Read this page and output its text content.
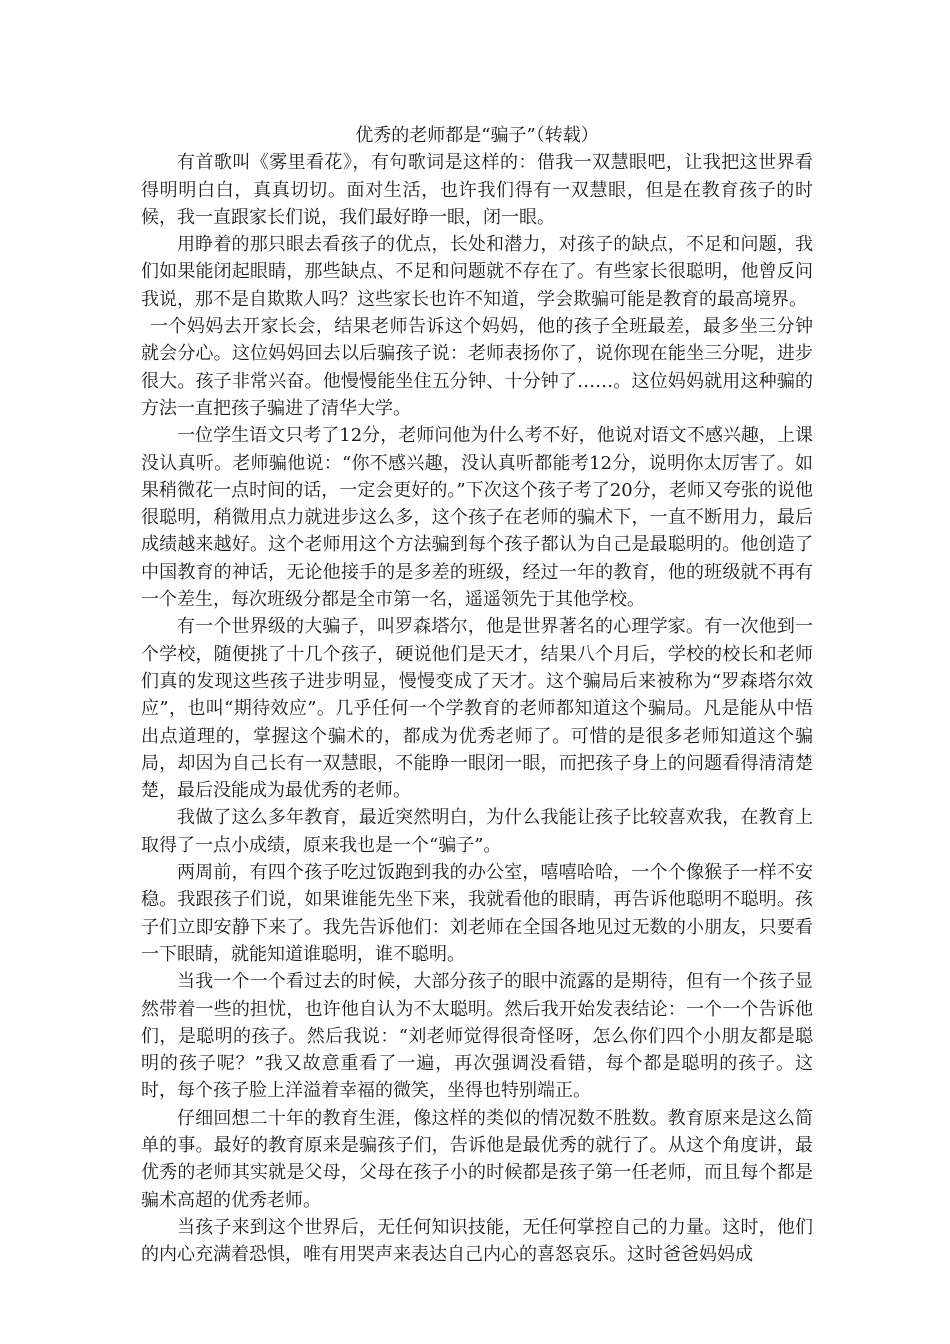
优秀的老师都是“骗子”（转载）

有首歌叫《雾里看花》，有句歌词是这样的：借我一双慧眼吧，让我把这世界看得明明白白，真真切切。面对生活，也许我们得有一双慧眼，但是在教育孩子的时候，我一直跟家长们说，我们最好睁一眼，闭一眼。

用睁着的那只眼去看孩子的优点，长处和潜力，对孩子的缺点，不足和问题，我们如果能闭起眼睛，那些缺点、不足和问题就不存在了。有些家长很聪明，他曾反问我说，那不是自欺欺人吗？这些家长也许不知道，学会欺骗可能是教育的最高境界。

一个妈妈去开家长会，结果老师告诉这个妈妈，他的孩子全班最差，最多坐三分钟就会分心。这位妈妈回去以后骗孩子说：老师表扬你了，说你现在能坐三分呢，进步很大。孩子非常兴奋。他慢慢能坐住五分钟、十分钟了……。这位妈妈就用这种骗的方法一直把孩子骗进了清华大学。

一位学生语文只考了12分，老师问他为什么考不好，他说对语文不感兴趣，上课没认真听。老师骗他说：“你不感兴趣，没认真听都能考12分，说明你太厉害了。如果稍微花一点时间的话，一定会更好的。”下次这个孩子考了20分，老师又夸张的说他很聪明，稍微用点力就进步这么多，这个孩子在老师的骗术下，一直不断用力，最后成绩越来越好。这个老师用这个方法骗到每个孩子都认为自己是最聪明的。他创造了中国教育的神话，无论他接手的是多差的班级，经过一年的教育，他的班级就不再有一个差生，每次班级分都是全市第一名，遥遥领先于其他学校。

有一个世界级的大骗子，叫罗森塔尔，他是世界著名的心理学家。有一次他到一个学校，随便挑了十几个孩子，硬说他们是天才，结果八个月后，学校的校长和老师们真的发现这些孩子进步明显，慢慢变成了天才。这个骗局后来被称为“罗森塔尔效应”，也叫“期待效应”。几乎任何一个学教育的老师都知道这个骗局。凡是能从中悟出点道理的，掌握这个骗术的，都成为优秀老师了。可惜的是很多老师知道这个骗局，却因为自己长有一双慧眼，不能睁一眼闭一眼，而把孩子身上的问题看得清清楚楚，最后没能成为最优秀的老师。

我做了这么多年教育，最近突然明白，为什么我能让孩子比较喜欢我，在教育上取得了一点小成绩，原来我也是一个“骗子”。

两周前，有四个孩子吃过饭跑到我的办公室，嘻嘻哈哈，一个个像猴子一样不安稳。我跟孩子们说，如果谁能先坐下来，我就看他的眼睛，再告诉他聪明不聪明。孩子们立即安静下来了。我先告诉他们：刘老师在全国各地见过无数的小朋友，只要看一下眼睛，就能知道谁聪明，谁不聪明。

当我一个一个看过去的时候，大部分孩子的眼中流露的是期待，但有一个孩子显然带着一些的担忧，也许他自认为不太聪明。然后我开始发表结论：一个一个告诉他们，是聪明的孩子。然后我说：“刘老师觉得很奇怪呀，怎么你们四个小朋友都是聪明的孩子呢？”我又故意重看了一遍，再次强调没看错，每个都是聪明的孩子。这时，每个孩子脸上洋溢着幸福的微笑，坐得也特别端正。

仔细回想二十年的教育生涯，像这样的类似的情况数不胜数。教育原来是这么简单的事。最好的教育原来是骗孩子们，告诉他是最优秀的就行了。从这个角度讲，最优秀的老师其实就是父母，父母在孩子小的时候都是孩子第一任老师，而且每个都是骗术高超的优秀老师。

当孩子来到这个世界后，无任何知识技能，无任何掌控自己的力量。这时，他们的内心充满着恐惧，唯有用哭声来表达自己内心的喜怒哀乐。这时爸爸妈妈成
